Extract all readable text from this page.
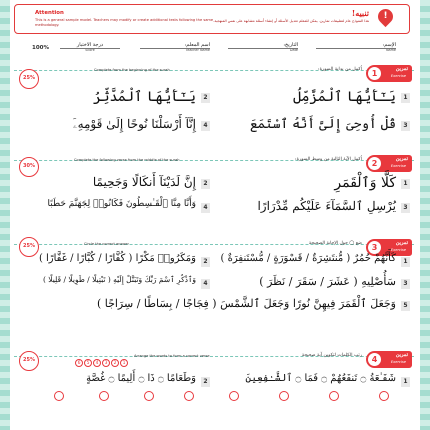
Attention
This is a general sample model. Teachers may modify or create additional tests following the same methodology.
تنبيه!
هذا النموذج عام لتطبيقات تمارين. يمكن للمعلم تعديل الأسئلة أو إنشاء أسئلة مشابهة على نفس المنهجية.	!
100%	الإسم:
Name
التاريخ:
Date
اسم المعلم:
Teacher Name
درجة الاختبار
Score
1	تمرين
Exercise
Complete from the beginning of the surah	أكمل من بداية السورة:
25%
1
يَـٰٓأَيُّهَا ٱلْمُزَّمِّلُ
2
يَـٰٓأَيُّهَا ٱلْمُدَّثِّرُ
3
قُلْ أُوحِىَ إِلَىَّ أَنَّهُ ٱسْتَمَعَ
4
إِنَّآ أَرْسَلْنَا نُوحًا إِلَىٰ قَوْمِهِۦٓ
2	تمرين
Exercise
Complete the following verse from the middle of the surah	أكمل الآية التالية من وسط السورة:
30%
1
كَلَّا وَٱلْقَمَرِ
2
إِنَّ لَدَيْنَآ أَنكَالًا وَجَحِيمًا
3
يُرْسِلِ ٱلسَّمَآءَ عَلَيْكُم مِّدْرَارًا
4
وَأَنَّا مِنَّا ٱلْقَـٰسِطُونَ فَكَانُوا۟ لِجَهَنَّمَ حَطَبًا
3	تمرين
Exercise
Circle the correct answer	ضع ◯ حول الإجابة الصحيحة
25%
1
كَأَنَّهُمْ حُمُرٌ ( مُّنتَشِرَةٌ / قَسْوَرَةٍ / مُّسْتَنفِرَةٌ )
2
وَمَكَرُوا۟ مَكْرًا ( كُفَّارًا / كُبَّارًا / غَفَّارًا )
3
سَأُصْلِيهِ ( عَشَرَ / سَقَرَ / نَظَرَ )
4
وَٱذْكُرِ ٱسْمَ رَبِّكَ وَتَبَتَّلْ إِلَيْهِ ( تَبْتِيلًا / طَوِيلًا / قَلِيلًا )
5
وَجَعَلَ ٱلْقَمَرَ فِيهِنَّ نُورًا وَجَعَلَ ٱلشَّمْسَ ( فِجَاجًا / بِسَاطًا / سِرَاجًا )
4	تمرين
Exercise
6 5 4 3 2 1
Arrange the words to form a correct verse	رتب الكلمات لتكوين آية صحيحة
25%
1
شَفَـٰعَةُ ۝ تَنفَعُهُمْ ۝ فَمَا ۝ ٱلشَّـٰفِعِينَ
2
وَطَعَامًا ۝ ذَا ۝ أَلِيمًا ۝ غُصَّةٍ
